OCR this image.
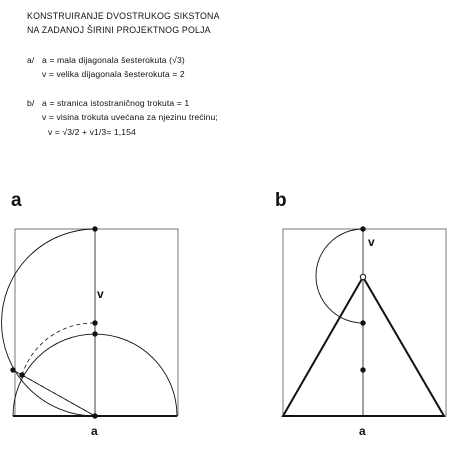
KONSTRUIRANJE DVOSTRUKOG SIKSTONA
NA ZADANOJ ŠIRINI PROJEKTNOG POLJA
a/ a = mala dijagonala šesterokuta (√3)
v = velika dijagonala šesterokuta = 2
b/ a = stranica istostraničnog trokuta = 1
v = visina trokuta uvećana za njezinu trećinu;
v = √3/2 + v1/3= 1,154
a	b
v
a
v
a
